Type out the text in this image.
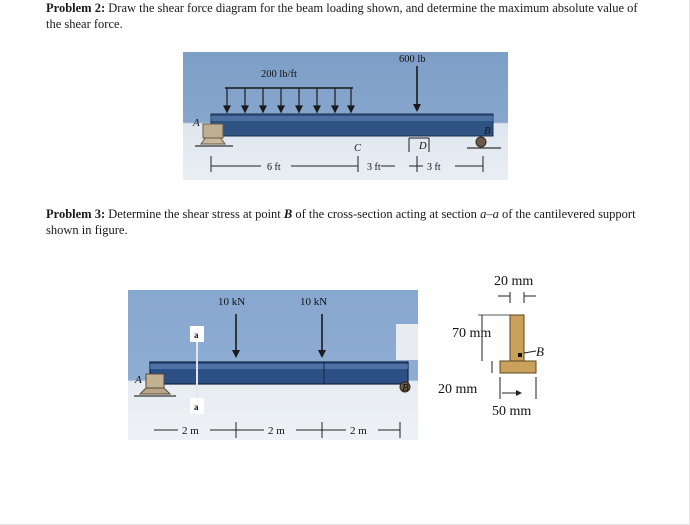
Problem 2: Draw the shear force diagram for the beam loading shown, and determine the maximum absolute value of the shear force.

200 lb/ft
600 lb
A
B
C	D
6 ft	3 ft	3 ft

Problem 3: Determine the shear stress at point B of the cross-section acting at section a–a of the cantilevered support shown in figure.

a
a
10 kN	10 kN
A
B
2 m	2 m	2 m
20 mm
70 mm
B
20 mm
50 mm
